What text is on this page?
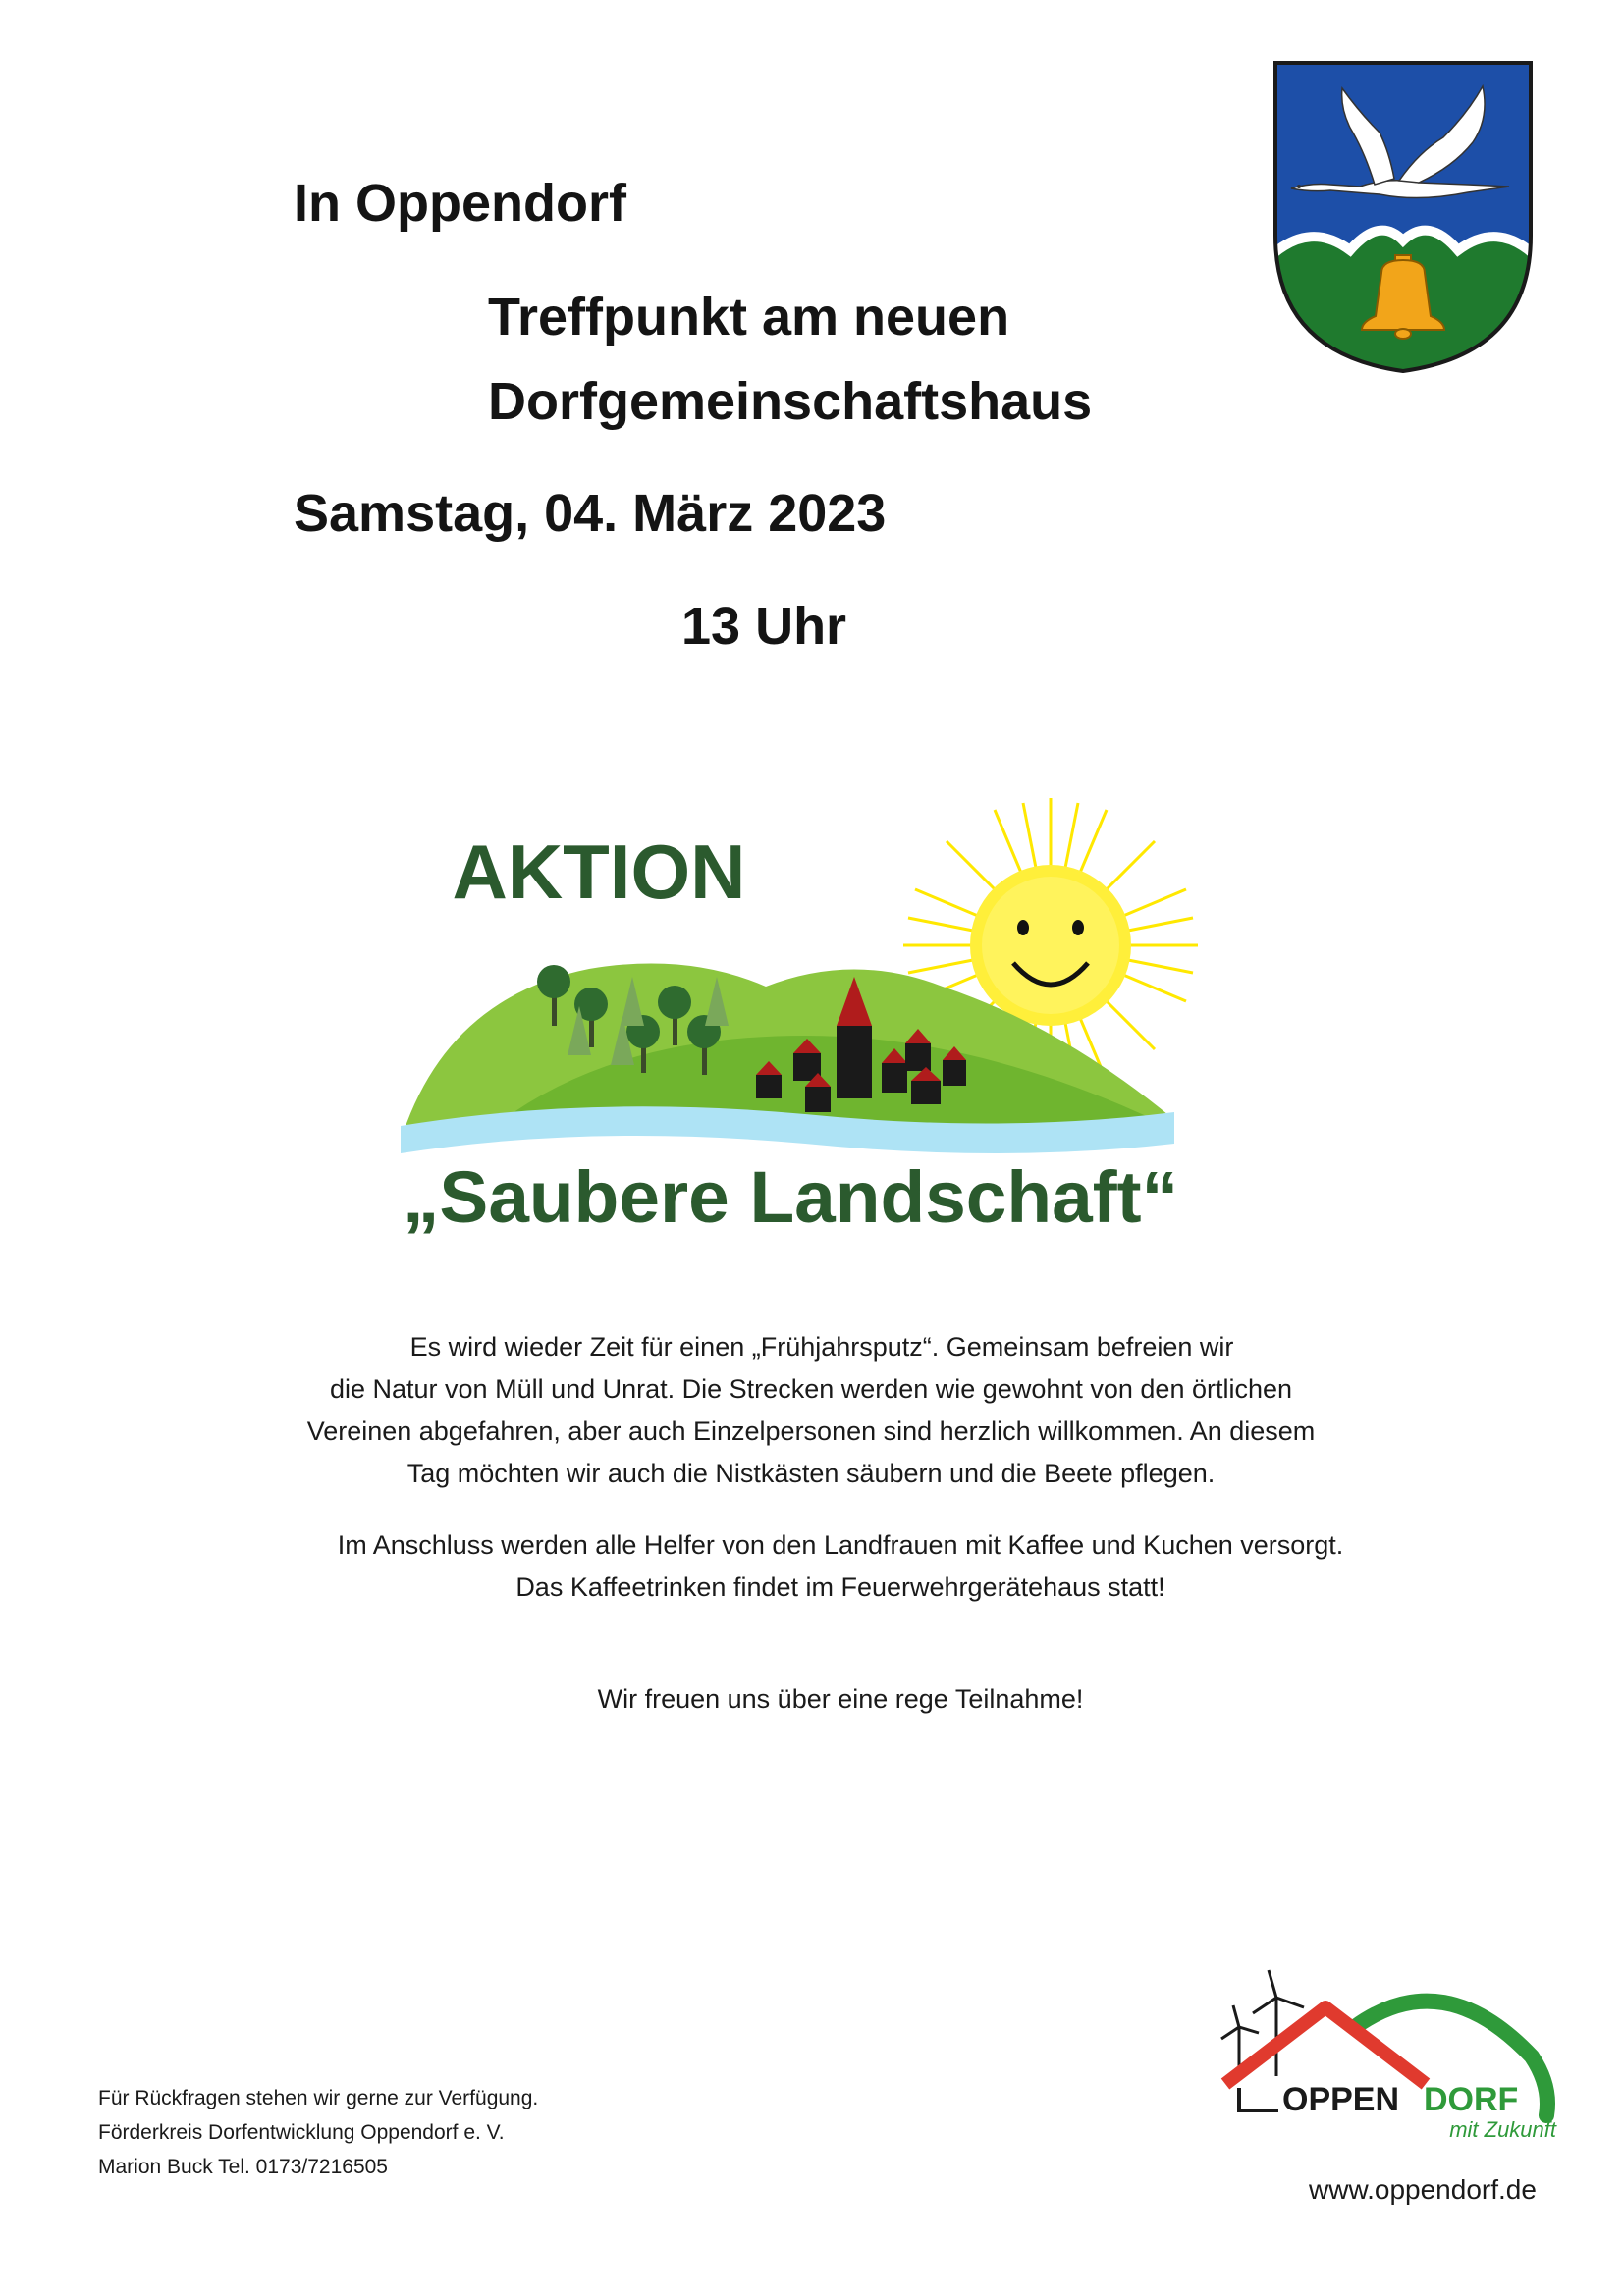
In Oppendorf
Treffpunkt am neuen
Dorfgemeinschaftshaus
Samstag, 04. März 2023
13 Uhr
AKTION
„Saubere Landschaft“
Es wird wieder Zeit für einen „Frühjahrsputz“. Gemeinsam befreien wir
die Natur von Müll und Unrat. Die Strecken werden wie gewohnt von den örtlichen
Vereinen abgefahren, aber auch Einzelpersonen sind herzlich willkommen. An diesem
Tag möchten wir auch die Nistkästen säubern und die Beete pflegen.
Im Anschluss werden alle Helfer von den Landfrauen mit Kaffee und Kuchen versorgt.
Das Kaffeetrinken findet im Feuerwehrgerätehaus statt!
Wir freuen uns über eine rege Teilnahme!
Für Rückfragen stehen wir gerne zur Verfügung.
Förderkreis Dorfentwicklung Oppendorf e. V.
Marion Buck Tel. 0173/7216505
OPPEN DORF
mit Zukunft
www.oppendorf.de
